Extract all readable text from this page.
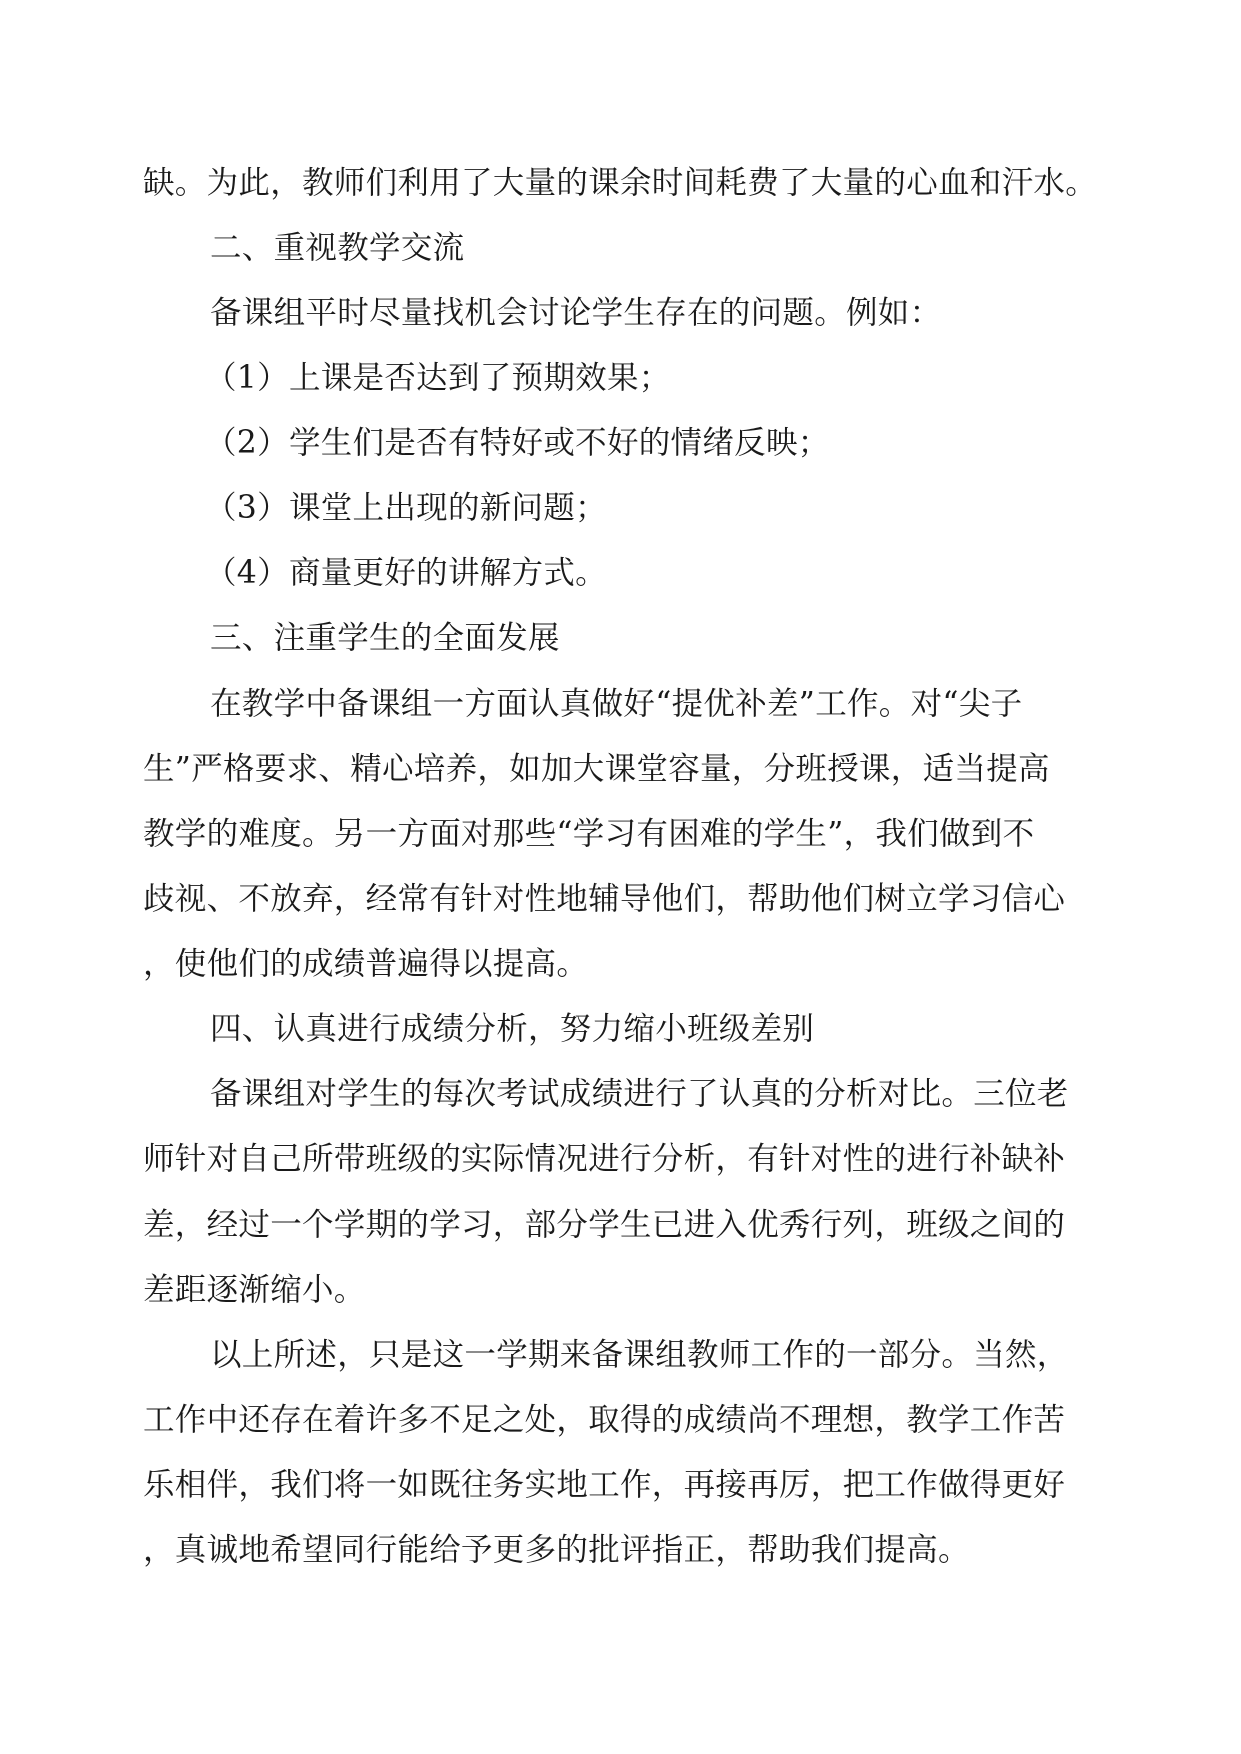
缺。为此，教师们利用了大量的课余时间耗费了大量的心血和汗水。
二、重视教学交流
备课组平时尽量找机会讨论学生存在的问题。例如：
（1）上课是否达到了预期效果；
（2）学生们是否有特好或不好的情绪反映；
（3）课堂上出现的新问题；
（4）商量更好的讲解方式。
三、注重学生的全面发展
在教学中备课组一方面认真做好“提优补差”工作。对“尖子
生”严格要求、精心培养，如加大课堂容量，分班授课，适当提高
教学的难度。另一方面对那些“学习有困难的学生”，我们做到不
歧视、不放弃，经常有针对性地辅导他们，帮助他们树立学习信心
，使他们的成绩普遍得以提高。
四、认真进行成绩分析，努力缩小班级差别
备课组对学生的每次考试成绩进行了认真的分析对比。三位老
师针对自己所带班级的实际情况进行分析，有针对性的进行补缺补
差，经过一个学期的学习，部分学生已进入优秀行列，班级之间的
差距逐渐缩小。
以上所述，只是这一学期来备课组教师工作的一部分。当然，
工作中还存在着许多不足之处，取得的成绩尚不理想，教学工作苦
乐相伴，我们将一如既往务实地工作，再接再厉，把工作做得更好
，真诚地希望同行能给予更多的批评指正，帮助我们提高。
